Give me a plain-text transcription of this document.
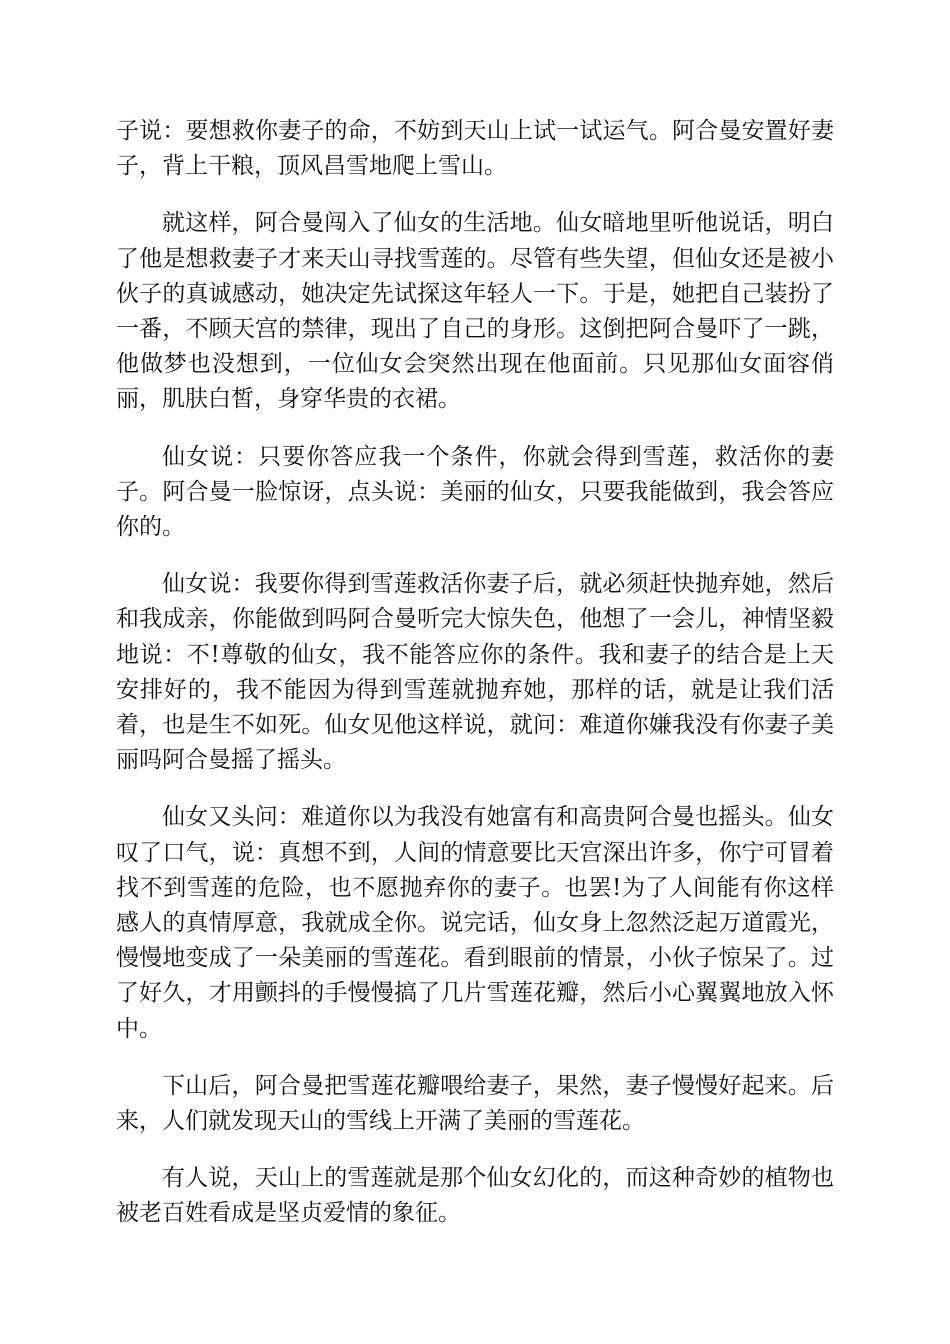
子说：要想救你妻子的命，不妨到天山上试一试运气。阿合曼安置好妻子，背上干粮，顶风昌雪地爬上雪山。

就这样，阿合曼闯入了仙女的生活地。仙女暗地里听他说话，明白了他是想救妻子才来天山寻找雪莲的。尽管有些失望，但仙女还是被小伙子的真诚感动，她决定先试探这年轻人一下。于是，她把自己装扮了一番，不顾天宫的禁律，现出了自己的身形。这倒把阿合曼吓了一跳，他做梦也没想到，一位仙女会突然出现在他面前。只见那仙女面容俏丽，肌肤白皙，身穿华贵的衣裙。

仙女说：只要你答应我一个条件，你就会得到雪莲，救活你的妻子。阿合曼一脸惊讶，点头说：美丽的仙女，只要我能做到，我会答应你的。

仙女说：我要你得到雪莲救活你妻子后，就必须赶快抛弃她，然后和我成亲，你能做到吗阿合曼听完大惊失色，他想了一会儿，神情坚毅地说：不!尊敬的仙女，我不能答应你的条件。我和妻子的结合是上天安排好的，我不能因为得到雪莲就抛弃她，那样的话，就是让我们活着，也是生不如死。仙女见他这样说，就问：难道你嫌我没有你妻子美丽吗阿合曼摇了摇头。

仙女又头问：难道你以为我没有她富有和高贵阿合曼也摇头。仙女叹了口气，说：真想不到，人间的情意要比天宫深出许多，你宁可冒着找不到雪莲的危险，也不愿抛弃你的妻子。也罢!为了人间能有你这样感人的真情厚意，我就成全你。说完话，仙女身上忽然泛起万道霞光，慢慢地变成了一朵美丽的雪莲花。看到眼前的情景，小伙子惊呆了。过了好久，才用颤抖的手慢慢搞了几片雪莲花瓣，然后小心翼翼地放入怀中。

下山后，阿合曼把雪莲花瓣喂给妻子，果然，妻子慢慢好起来。后来，人们就发现天山的雪线上开满了美丽的雪莲花。

有人说，天山上的雪莲就是那个仙女幻化的，而这种奇妙的植物也被老百姓看成是坚贞爱情的象征。
